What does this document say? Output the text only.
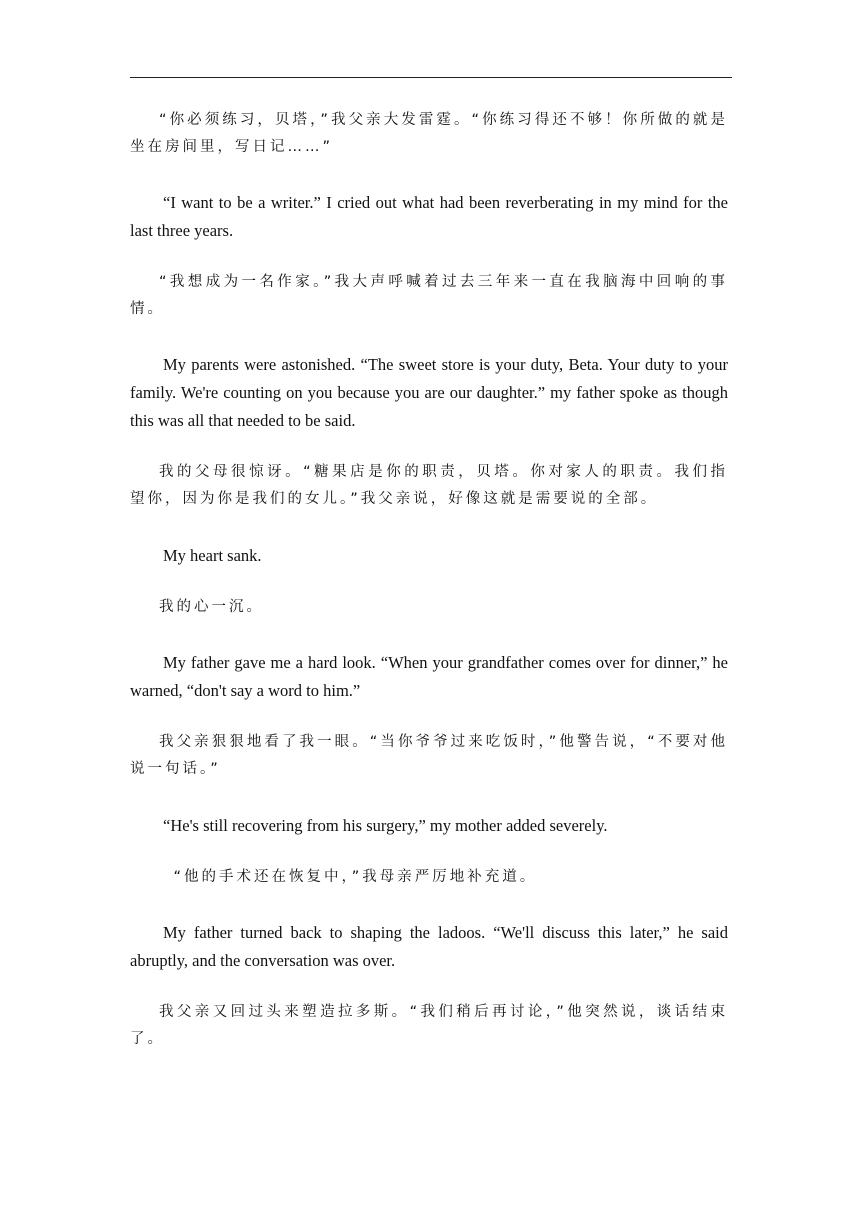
“你必须练习，贝塔，”我父亲大发雷霆。“你练习得还不够！你所做的就是坐在房间里，写日记……”

“I want to be a writer.” I cried out what had been reverberating in my mind for the last three years.

“我想成为一名作家。”我大声呼喊着过去三年来一直在我脑海中回响的事情。

My parents were astonished. “The sweet store is your duty, Beta. Your duty to your family. We're counting on you because you are our daughter.” my father spoke as though this was all that needed to be said.

我的父母很惊讶。“糖果店是你的职责，贝塔。你对家人的职责。我们指望你，因为你是我们的女儿。”我父亲说，好像这就是需要说的全部。

My heart sank.

我的心一沉。

My father gave me a hard look. “When your grandfather comes over for dinner,” he warned, “don't say a word to him.”

我父亲狠狠地看了我一眼。“当你爷爷过来吃饭时，”他警告说，“不要对他说一句话。”

“He's still recovering from his surgery,” my mother added severely.

“他的手术还在恢复中，”我母亲严厉地补充道。

My father turned back to shaping the ladoos. “We'll discuss this later,” he said abruptly, and the conversation was over.

我父亲又回过头来塑造拉多斯。“我们稍后再讨论，”他突然说，谈话结束了。
